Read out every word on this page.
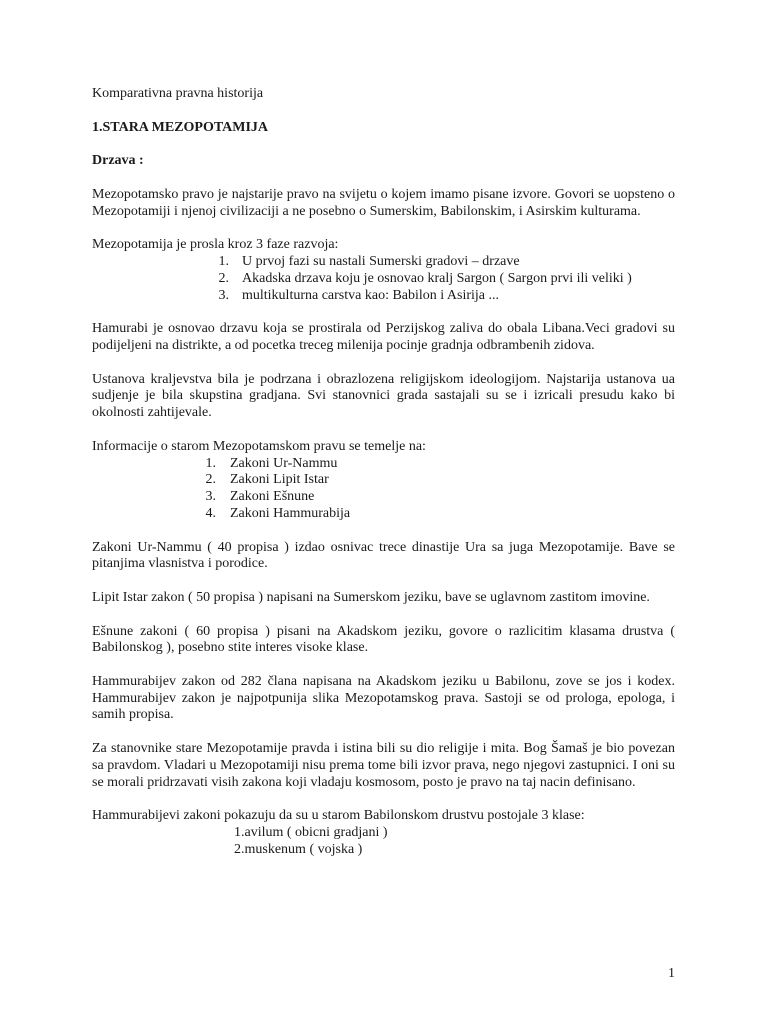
Komparativna pravna historija

1.STARA MEZOPOTAMIJA

Drzava :

Mezopotamsko pravo je najstarije pravo na svijetu o kojem imamo pisane izvore. Govori se uopsteno o Mezopotamiji i njenoj civilizaciji a ne posebno o Sumerskim, Babilonskim, i Asirskim kulturama.

Mezopotamija je prosla kroz 3 faze razvoja:

1. U prvoj fazi su nastali Sumerski gradovi – drzave
2. Akadska drzava koju je osnovao kralj Sargon ( Sargon prvi ili veliki )
3. multikulturna carstva kao: Babilon i Asirija ...

Hamurabi je osnovao drzavu koja se prostirala od Perzijskog zaliva do obala Libana.Veci gradovi su podijeljeni na distrikte, a od pocetka treceg milenija pocinje gradnja odbrambenih zidova.

Ustanova kraljevstva bila je podrzana i obrazlozena religijskom ideologijom. Najstarija ustanova ua sudjenje je bila skupstina gradjana. Svi stanovnici grada sastajali su se i izricali presudu kako bi okolnosti zahtijevale.

Informacije o starom Mezopotamskom pravu se temelje na:

1. Zakoni Ur-Nammu
2. Zakoni Lipit Istar
3. Zakoni Ešnune
4. Zakoni Hammurabija

Zakoni Ur-Nammu ( 40 propisa ) izdao osnivac trece dinastije Ura sa juga Mezopotamije. Bave se pitanjima vlasnistva i porodice.

Lipit Istar zakon ( 50 propisa ) napisani na Sumerskom jeziku, bave se uglavnom zastitom imovine.

Ešnune zakoni ( 60 propisa ) pisani na Akadskom jeziku, govore o razlicitim klasama drustva ( Babilonskog ), posebno stite interes visoke klase.

Hammurabijev zakon od 282 člana napisana na Akadskom jeziku u Babilonu, zove se jos i kodex. Hammurabijev zakon je najpotpunija slika Mezopotamskog prava. Sastoji se od prologa, epologa, i samih propisa.

Za stanovnike stare Mezopotamije pravda i istina bili su dio religije i mita. Bog Šamaš je bio povezan sa pravdom. Vladari u Mezopotamiji nisu prema tome bili izvor prava, nego njegovi zastupnici. I oni su se morali pridrzavati visih zakona koji vladaju kosmosom, posto je pravo na taj nacin definisano.

Hammurabijevi zakoni pokazuju da su u starom Babilonskom drustvu postojale 3 klase:

1.avilum ( obicni gradjani )
2.muskenum ( vojska )
1
